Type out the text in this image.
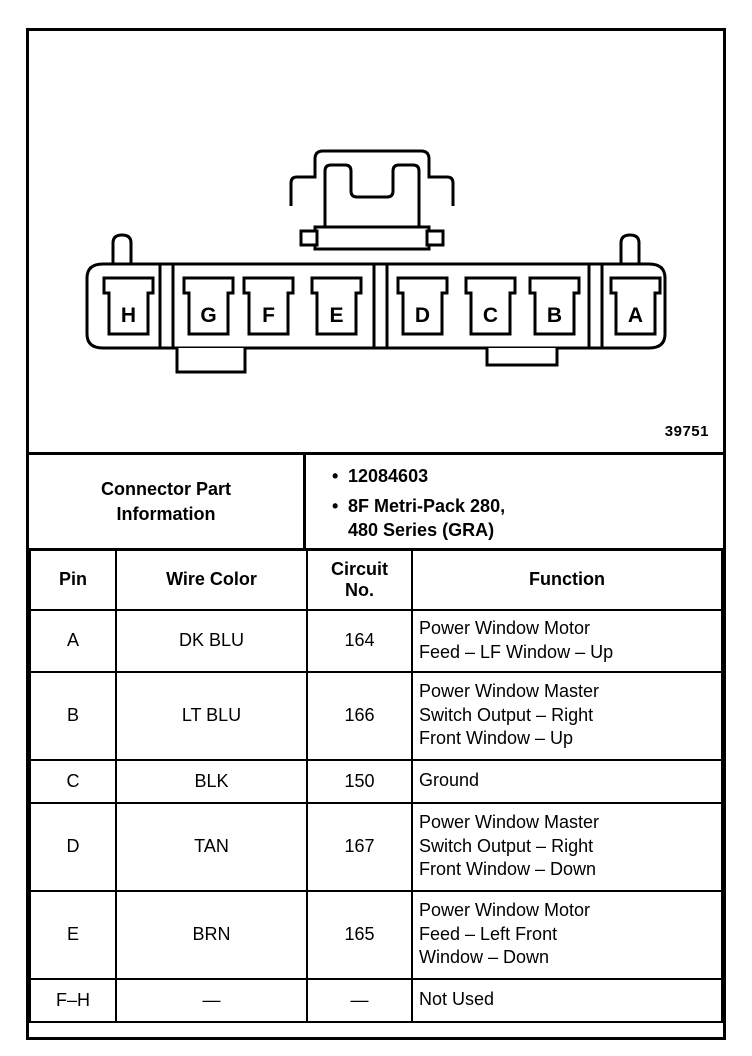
H	G F	E	D	C B	A
39751
Connector Part
Information
• 12084603
• 8F Metri-Pack 280,
480 Series (GRA)
Pin	Wire Color	Circuit
No.	Function
A	DK BLU	164	Power Window Motor
Feed – LF Window – Up

B	LT BLU	166	Power Window Master
Switch Output – Right
Front Window – Up

C	BLK	150	Ground

D	TAN	167	Power Window Master
Switch Output – Right
Front Window – Down

E	BRN	165	Power Window Motor
Feed – Left Front
Window – Down

F–H	—	—	Not Used
